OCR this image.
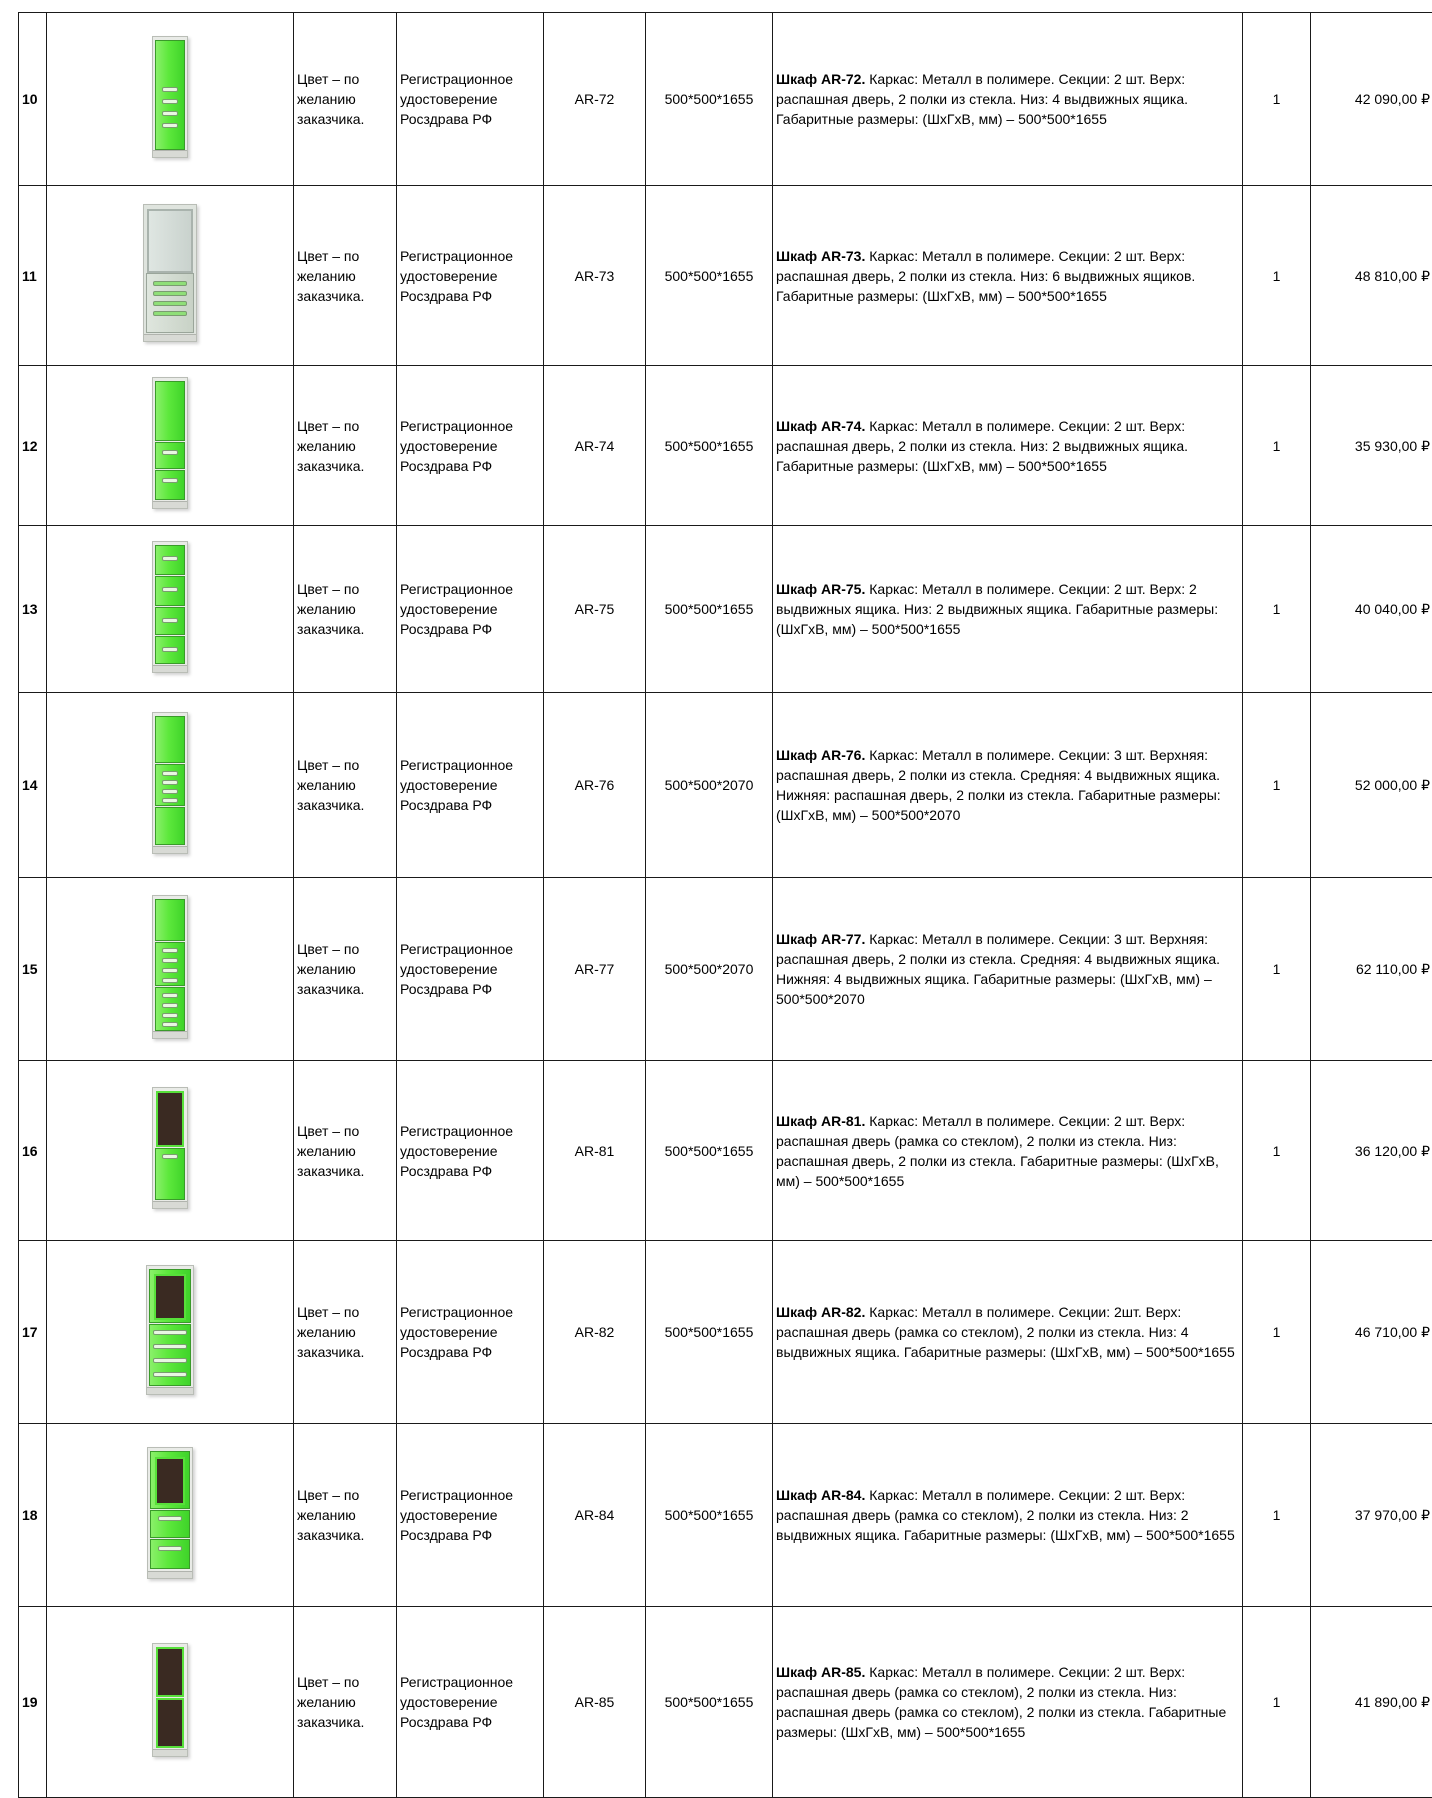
10		Цвет – по желанию заказчика.	Регистрационное удостоверение Росздрава РФ	AR-72	500*500*1655	Шкаф AR-72. Каркас: Металл в полимере. Секции: 2 шт. Верх: распашная дверь, 2 полки из стекла. Низ: 4 выдвижных ящика. Габаритные размеры: (ШхГхВ, мм) – 500*500*1655	1	42 090,00 ₽
11		Цвет – по желанию заказчика.	Регистрационное удостоверение Росздрава РФ	AR-73	500*500*1655	Шкаф AR-73. Каркас: Металл в полимере. Секции: 2 шт. Верх: распашная дверь, 2 полки из стекла. Низ: 6 выдвижных ящиков. Габаритные размеры: (ШхГхВ, мм) – 500*500*1655	1	48 810,00 ₽
12		Цвет – по желанию заказчика.	Регистрационное удостоверение Росздрава РФ	AR-74	500*500*1655	Шкаф AR-74. Каркас: Металл в полимере. Секции: 2 шт. Верх: распашная дверь, 2 полки из стекла. Низ: 2 выдвижных ящика. Габаритные размеры: (ШхГхВ, мм) – 500*500*1655	1	35 930,00 ₽
13		Цвет – по желанию заказчика.	Регистрационное удостоверение Росздрава РФ	AR-75	500*500*1655	Шкаф AR-75. Каркас: Металл в полимере. Секции: 2 шт. Верх: 2 выдвижных ящика. Низ: 2 выдвижных ящика. Габаритные размеры: (ШхГхВ, мм) – 500*500*1655	1	40 040,00 ₽
14		Цвет – по желанию заказчика.	Регистрационное удостоверение Росздрава РФ	AR-76	500*500*2070	Шкаф AR-76. Каркас: Металл в полимере. Секции: 3 шт. Верхняя: распашная дверь, 2 полки из стекла. Средняя: 4 выдвижных ящика. Нижняя: распашная дверь, 2 полки из стекла. Габаритные размеры: (ШхГхВ, мм) – 500*500*2070	1	52 000,00 ₽
15		Цвет – по желанию заказчика.	Регистрационное удостоверение Росздрава РФ	AR-77	500*500*2070	Шкаф AR-77. Каркас: Металл в полимере. Секции: 3 шт. Верхняя: распашная дверь, 2 полки из стекла. Средняя: 4 выдвижных ящика. Нижняя: 4 выдвижных ящика. Габаритные размеры: (ШхГхВ, мм) – 500*500*2070	1	62 110,00 ₽
16		Цвет – по желанию заказчика.	Регистрационное удостоверение Росздрава РФ	AR-81	500*500*1655	Шкаф AR-81. Каркас: Металл в полимере. Секции: 2 шт. Верх: распашная дверь (рамка со стеклом), 2 полки из стекла. Низ: распашная дверь, 2 полки из стекла. Габаритные размеры: (ШхГхВ, мм) – 500*500*1655	1	36 120,00 ₽
17		Цвет – по желанию заказчика.	Регистрационное удостоверение Росздрава РФ	AR-82	500*500*1655	Шкаф AR-82. Каркас: Металл в полимере. Секции: 2шт. Верх: распашная дверь (рамка со стеклом), 2 полки из стекла. Низ: 4 выдвижных ящика. Габаритные размеры: (ШхГхВ, мм) – 500*500*1655	1	46 710,00 ₽
18		Цвет – по желанию заказчика.	Регистрационное удостоверение Росздрава РФ	AR-84	500*500*1655	Шкаф AR-84. Каркас: Металл в полимере. Секции: 2 шт. Верх: распашная дверь (рамка со стеклом), 2 полки из стекла. Низ: 2 выдвижных ящика. Габаритные размеры: (ШхГхВ, мм) – 500*500*1655	1	37 970,00 ₽
19		Цвет – по желанию заказчика.	Регистрационное удостоверение Росздрава РФ	AR-85	500*500*1655	Шкаф AR-85. Каркас: Металл в полимере. Секции: 2 шт. Верх: распашная дверь (рамка со стеклом), 2 полки из стекла. Низ: распашная дверь (рамка со стеклом), 2 полки из стекла. Габаритные размеры: (ШхГхВ, мм) – 500*500*1655	1	41 890,00 ₽
